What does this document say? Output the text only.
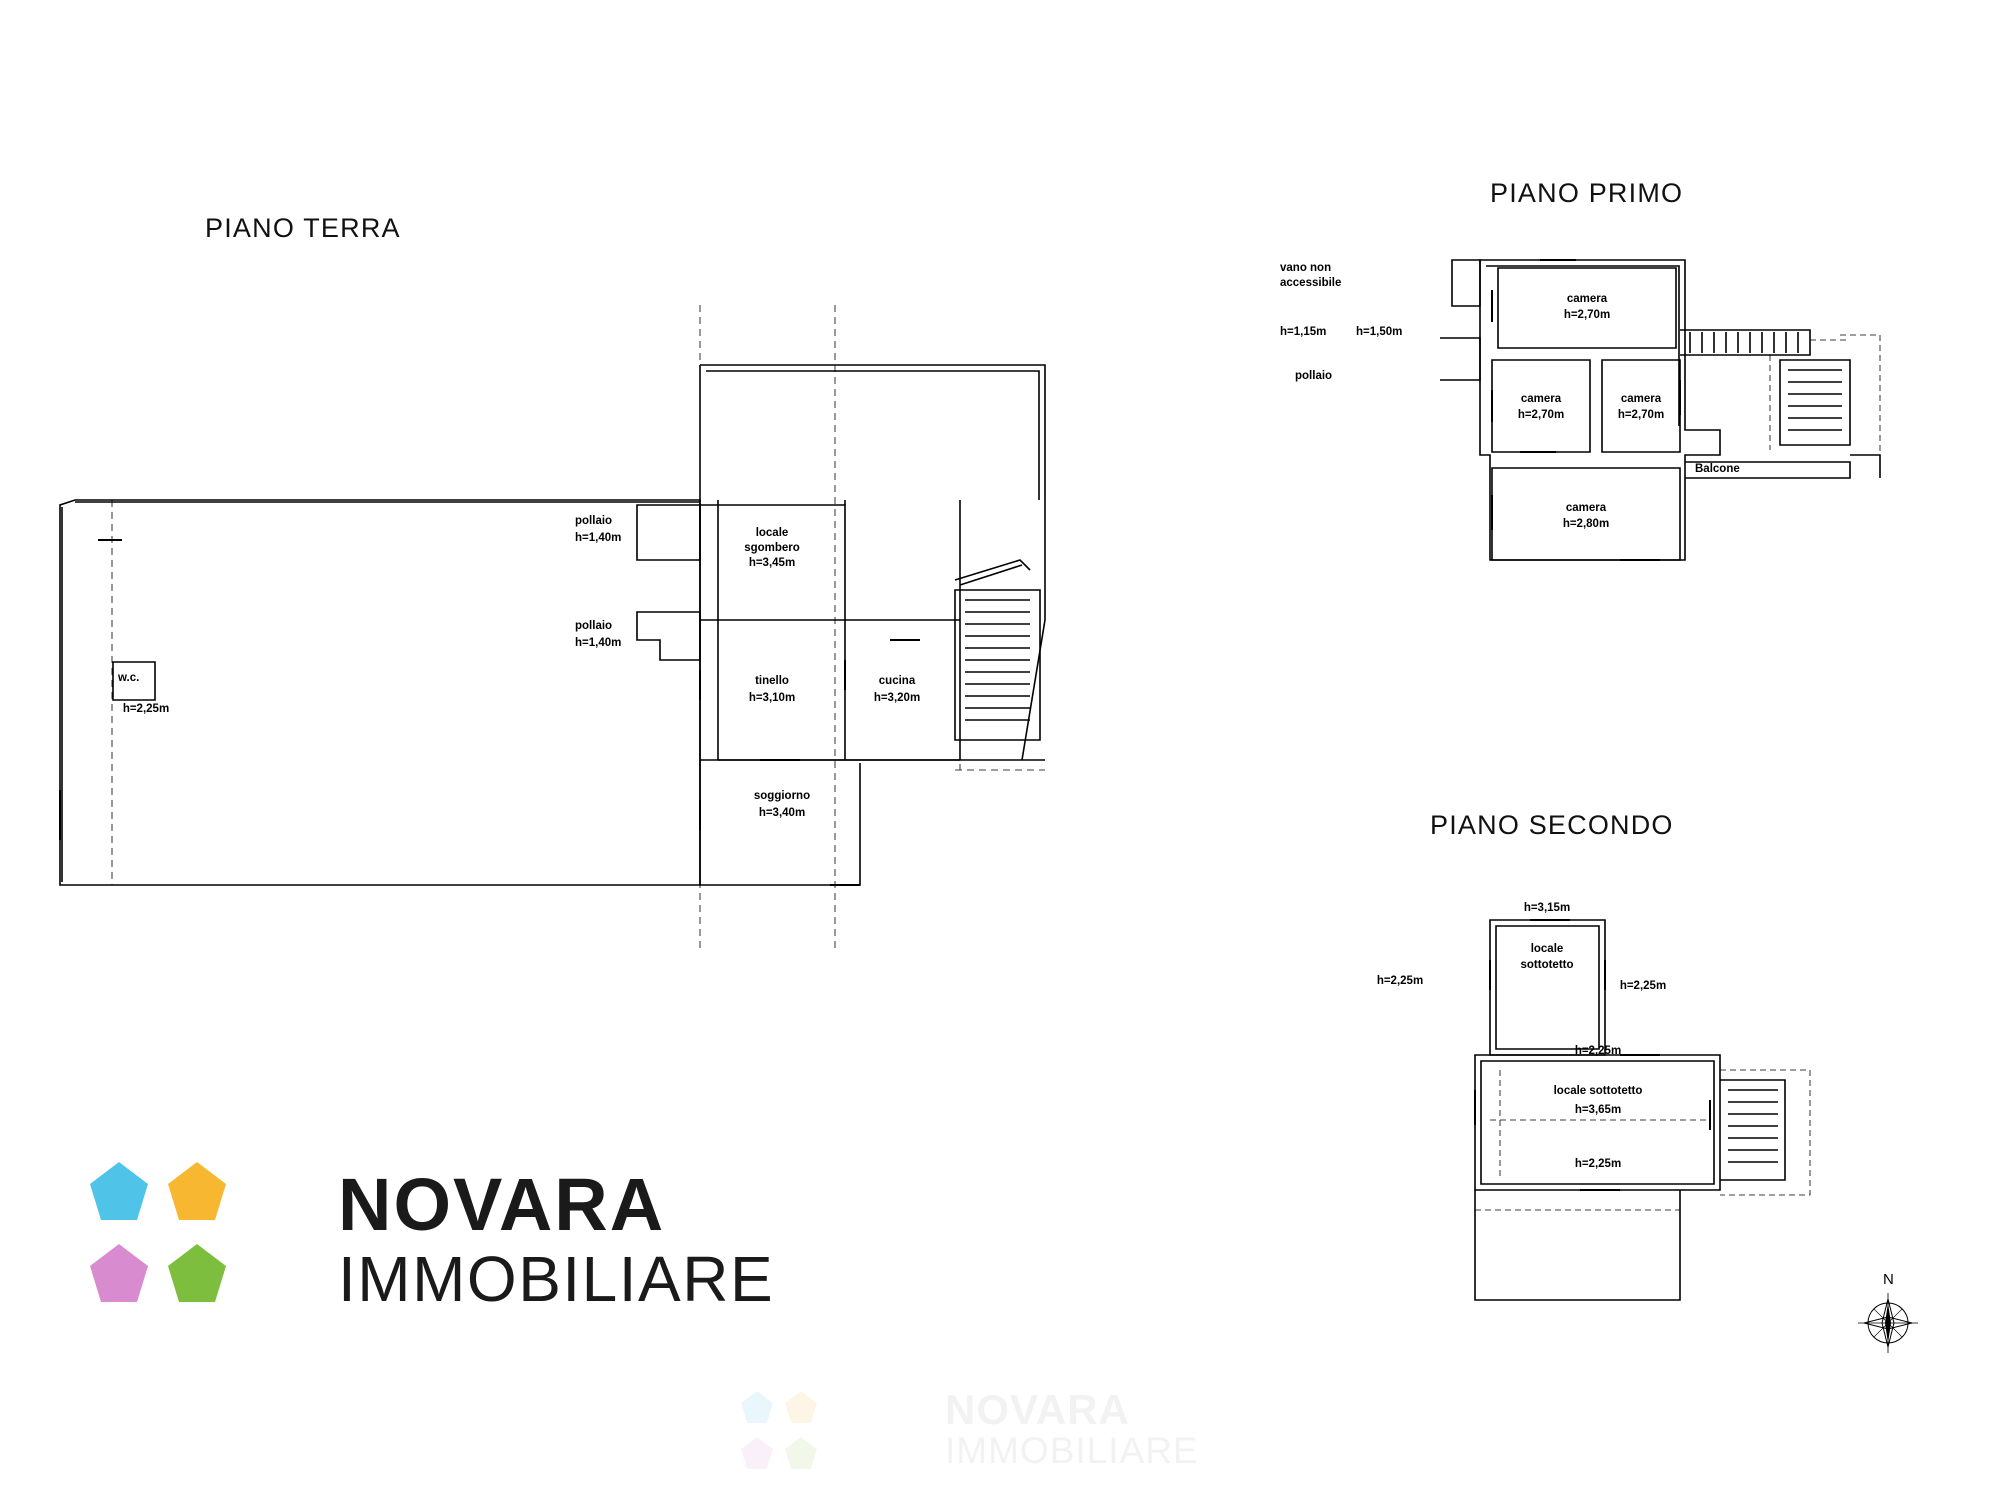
PIANO TERRA
PIANO PRIMO
PIANO SECONDO
w.c.
h=2,25m
pollaio
h=1,40m
pollaio
h=1,40m
locale
sgombero
h=3,45m
tinello
h=3,10m
cucina
h=3,20m
soggiorno
h=3,40m
vano non
accessibile
camera
h=2,70m
camera
h=2,70m
camera
h=2,70m
camera
h=2,80m
pollaio
Balcone
h=1,15m	h=1,50m
locale
sottotetto
locale sottotetto
h=3,65m
h=3,15m
h=2,25m	h=2,25m
h=2,25m
h=2,25m
NOVARA
IMMOBILIARE
NOVARA
IMMOBILIARE
N
